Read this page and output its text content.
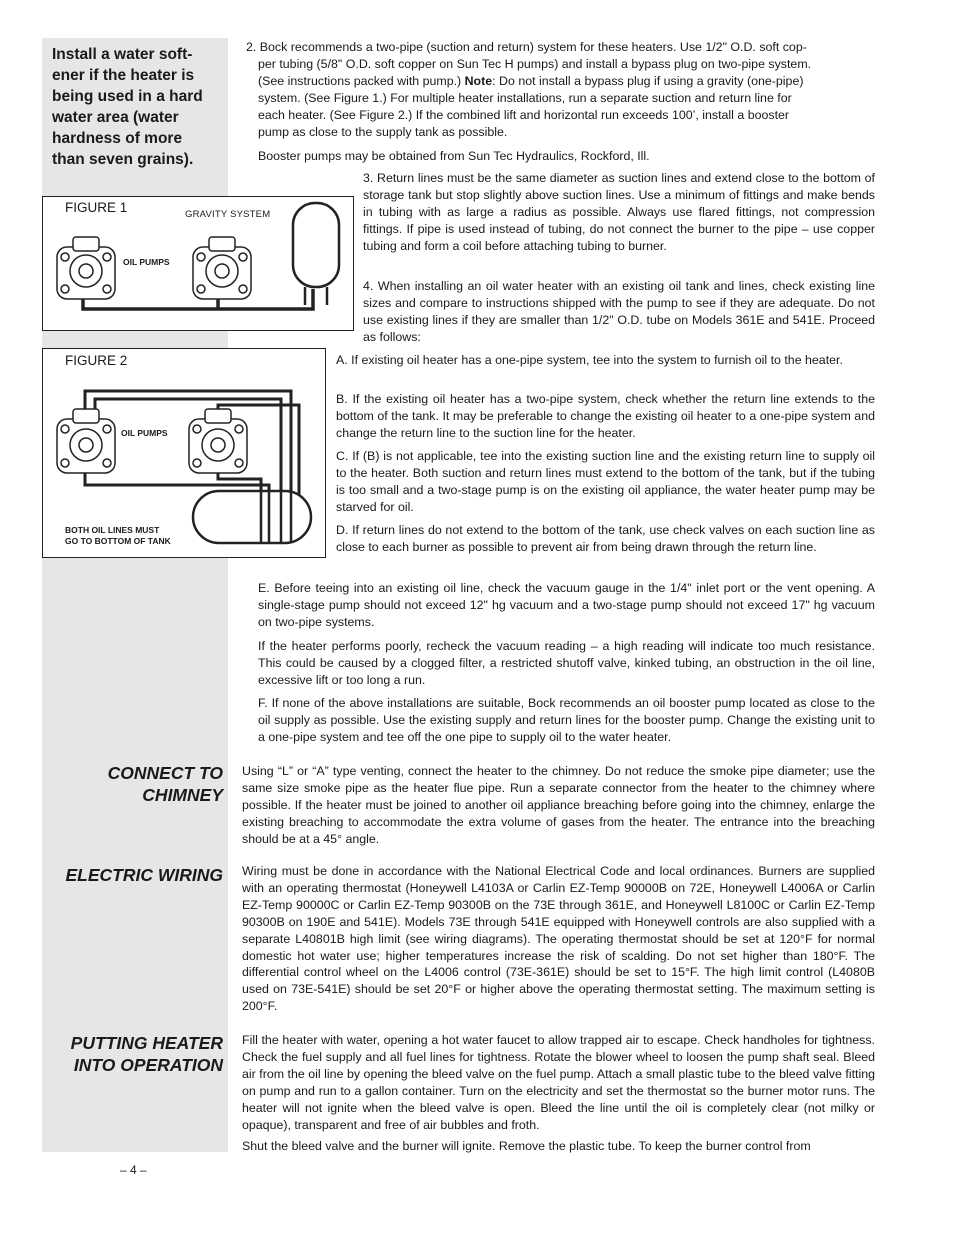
Install a water soft-
ener if the heater is
being used in a hard
water area (water
hardness of more
than seven grains).
2. Bock recommends a two-pipe (suction and return) system for these heaters. Use 1/2" O.D. soft cop-
per tubing (5/8" O.D. soft copper on Sun Tec H pumps) and install a bypass plug on two-pipe system.
(See instructions packed with pump.) Note: Do not install a bypass plug if using a gravity (one-pipe)
system. (See Figure 1.) For multiple heater installations, run a separate suction and return line for
each heater. (See Figure 2.) If the combined lift and horizontal run exceeds 100’, install a booster
pump as close to the supply tank as possible.

Booster pumps may be obtained from Sun Tec Hydraulics, Rockford, Ill.

3. Return lines must be the same diameter as suction lines and extend close to the bottom of storage tank but stop slightly above suction lines. Use a minimum of fittings and make bends in tubing with as large a radius as possible. Always use flared fittings, not compression fittings. If pipe is used instead of tubing, do not connect the burner to the pipe – use copper tubing and form a coil before attaching tubing to burner.

4. When installing an oil water heater with an existing oil tank and lines, check existing line sizes and compare to instructions shipped with the pump to see if they are adequate. Do not use existing lines if they are smaller than 1/2" O.D. tube on Models 361E and 541E. Proceed as follows:

FIGURE 1	GRAVITY SYSTEM
OIL PUMPS
FIGURE 2
OIL PUMPS
BOTH OIL LINES MUST
GO TO BOTTOM OF TANK

A. If existing oil heater has a one-pipe system, tee into the system to furnish oil to the heater.

B. If the existing oil heater has a two-pipe system, check whether the return line extends to the bottom of the tank. It may be preferable to change the existing oil heater to a one-pipe system and change the return line to the suction line for the heater.

C. If (B) is not applicable, tee into the existing suction line and the existing return line to supply oil to the heater. Both suction and return lines must extend to the bottom of the tank, but if the tubing is too small and a two-stage pump is on the existing oil appliance, the water heater pump may be starved for oil.

D. If return lines do not extend to the bottom of the tank, use check valves on each suction line as close to each burner as possible to prevent air from being drawn through the return line.

E. Before teeing into an existing oil line, check the vacuum gauge in the 1/4" inlet port or the vent opening. A single-stage pump should not exceed 12" hg vacuum and a two-stage pump should not exceed 17" hg vacuum on two-pipe systems.

If the heater performs poorly, recheck the vacuum reading – a high reading will indicate too much resistance. This could be caused by a clogged filter, a restricted shutoff valve, kinked tubing, an obstruction in the oil line, excessive lift or too long a run.

F. If none of the above installations are suitable, Bock recommends an oil booster pump located as close to the oil supply as possible. Use the existing supply and return lines for the booster pump. Change the existing unit to a one-pipe system and tee off the one pipe to supply oil to the water heater.

CONNECT TO
CHIMNEY

Using “L” or “A” type venting, connect the heater to the chimney. Do not reduce the smoke pipe diameter; use the same size smoke pipe as the heater flue pipe. Run a separate connector from the heater to the chimney where possible. If the heater must be joined to another oil appliance breaching before going into the chimney, enlarge the existing breaching to accommodate the extra volume of gases from the heater. The entrance into the breaching should be at a 45° angle.

ELECTRIC WIRING Wiring must be done in accordance with the National Electrical Code and local ordinances. Burners are supplied with an operating thermostat (Honeywell L4103A or Carlin EZ-Temp 90000B on 72E, Honeywell L4006A or Carlin EZ-Temp 90000C or Carlin EZ-Temp 90300B on the 73E through 361E, and Honeywell L8100C or Carlin EZ-Temp 90300B on 190E and 541E). Models 73E through 541E equipped with Honeywell controls are also supplied with a separate L40801B high limit (see wiring diagrams). The operating thermostat should be set at 120°F for normal domestic hot water use; higher temperatures increase the risk of scalding. Do not set higher than 180°F. The differential control wheel on the L4006 control (73E-361E) should be set to 15°F. The high limit control (L4080B used on 73E-541E) should be set 20°F or higher above the operating thermostat setting. The maximum setting is 200°F.

PUTTING HEATER
INTO OPERATION

Fill the heater with water, opening a hot water faucet to allow trapped air to escape. Check handholes for tightness. Check the fuel supply and all fuel lines for tightness. Rotate the blower wheel to loosen the pump shaft seal. Bleed air from the oil line by opening the bleed valve on the fuel pump. Attach a small plastic tube to the bleed valve fitting on pump and run to a gallon container. Turn on the electricity and set the thermostat so the burner motor runs. The heater will not ignite when the bleed valve is open. Bleed the line until the oil is completely clear (not milky or opaque), transparent and free of air bubbles and froth.

Shut the bleed valve and the burner will ignite. Remove the plastic tube. To keep the burner control from

– 4 –
